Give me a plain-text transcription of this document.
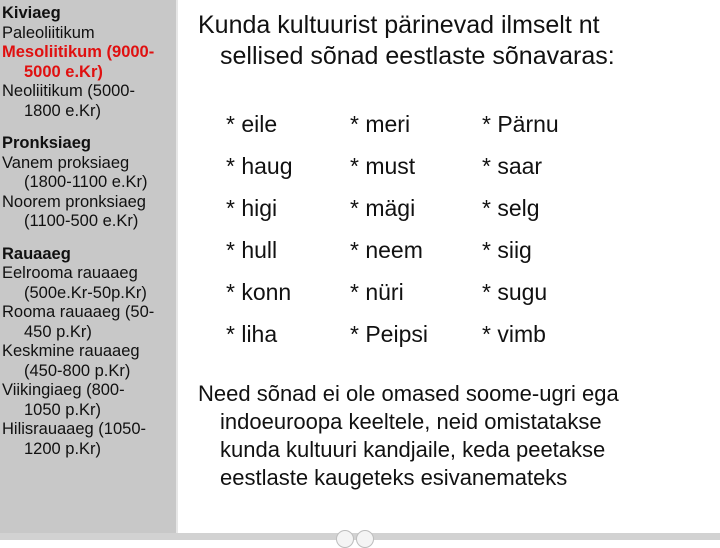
Kiviaeg
Paleoliitikum
Mesoliitikum (9000-
5000 e.Kr)
Neoliitikum (5000-
1800 e.Kr)
Pronksiaeg
Vanem proksiaeg
(1800-1100 e.Kr)
Noorem pronksiaeg
(1100-500 e.Kr)
Rauaaeg
Eelrooma rauaaeg
(500e.Kr-50p.Kr)
Rooma rauaaeg (50-
450 p.Kr)
Keskmine rauaaeg
(450-800 p.Kr)
Viikingiaeg (800-
1050 p.Kr)
Hilisrauaaeg (1050-
1200 p.Kr)
Kunda kultuurist pärinevad ilmselt nt
sellised sõnad eestlaste sõnavaras:
* eile	* meri	* Pärnu
* haug	* must	* saar
* higi	* mägi	* selg
* hull	* neem	* siig
* konn	* nüri	* sugu
* liha	* Peipsi	* vimb
Need sõnad ei ole omased soome-ugri ega
indoeuroopa keeltele, neid omistatakse
kunda kultuuri kandjaile, keda peetakse
eestlaste kaugeteks esivanemateks
